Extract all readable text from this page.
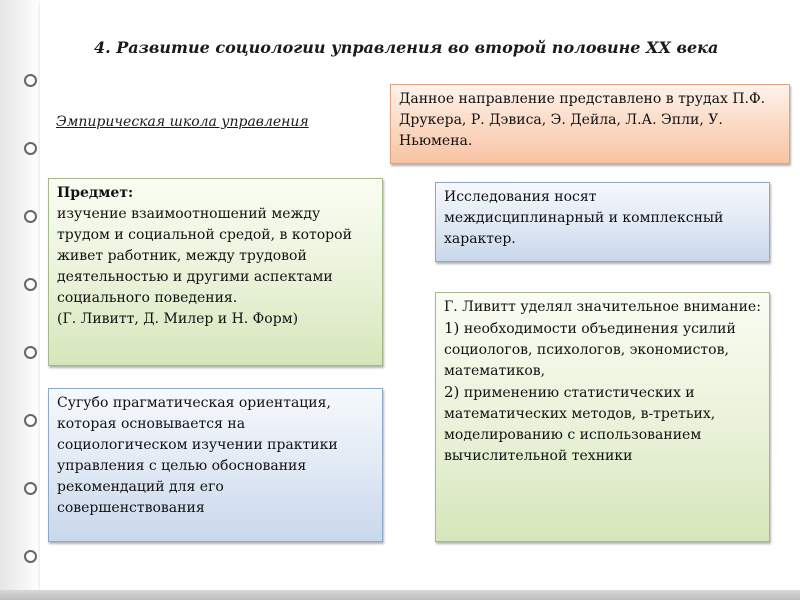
4. Развитие социологии управления во второй половине ХХ века
Эмпирическая школа управления

Данное направление представлено в трудах П.Ф. Друкера, Р. Дэвиса, Э. Дейла, Л.А. Эпли, У. Ньюмена.

Предмет:

изучение взаимоотношений между трудом и социальной средой, в которой живет работник, между трудовой деятельностью и другими аспектами социального поведения.

(Г. Ливитт, Д. Милер и Н. Форм)

Исследования носят междисциплинарный и комплексный характер.

Сугубо прагматическая ориентация, которая основывается на социологическом изучении практики управления с целью обоснования рекомендаций для его совершенствования

Г. Ливитт уделял значительное внимание:

1) необходимости объединения усилий социологов, психологов, экономистов, математиков,

2) применению статистических и математических методов, в-третьих, моделированию с использованием вычислительной техники
